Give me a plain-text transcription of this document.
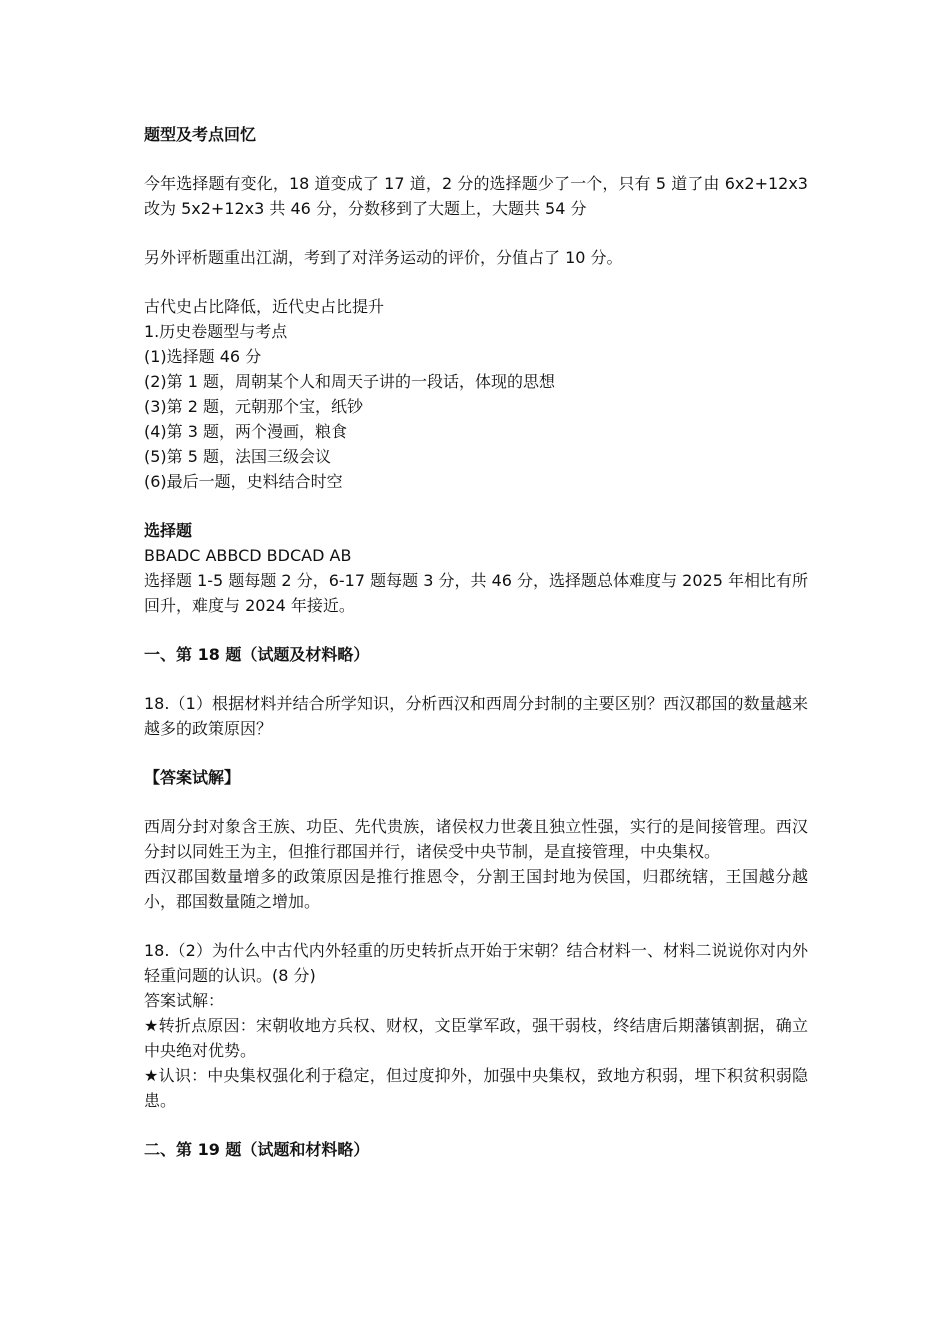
题型及考点回忆

今年选择题有变化，18 道变成了 17 道，2 分的选择题少了一个，只有 5 道了由 6x2+12x3 改为 5x2+12x3 共 46 分，分数移到了大题上，大题共 54 分

另外评析题重出江湖，考到了对洋务运动的评价，分值占了 10 分。

古代史占比降低，近代史占比提升
1.历史卷题型与考点
(1)选择题 46 分
(2)第 1 题，周朝某个人和周天子讲的一段话，体现的思想
(3)第 2 题，元朝那个宝，纸钞
(4)第 3 题，两个漫画，粮食
(5)第 5 题，法国三级会议
(6)最后一题，史料结合时空

选择题

BBADC ABBCD BDCAD AB

选择题 1-5 题每题 2 分，6-17 题每题 3 分，共 46 分，选择题总体难度与 2025 年相比有所回升，难度与 2024 年接近。

一、第 18 题（试题及材料略）

18.（1）根据材料并结合所学知识，分析西汉和西周分封制的主要区别？西汉郡国的数量越来越多的政策原因？

【答案试解】

西周分封对象含王族、功臣、先代贵族，诸侯权力世袭且独立性强，实行的是间接管理。西汉分封以同姓王为主，但推行郡国并行，诸侯受中央节制，是直接管理，中央集权。

西汉郡国数量增多的政策原因是推行推恩令，分割王国封地为侯国，归郡统辖，王国越分越小，郡国数量随之增加。

18.（2）为什么中古代内外轻重的历史转折点开始于宋朝？结合材料一、材料二说说你对内外轻重问题的认识。(8 分)

答案试解：

★转折点原因：宋朝收地方兵权、财权，文臣掌军政，强干弱枝，终结唐后期藩镇割据，确立中央绝对优势。

★认识：中央集权强化利于稳定，但过度抑外，加强中央集权，致地方积弱，埋下积贫积弱隐患。

二、第 19 题（试题和材料略）
